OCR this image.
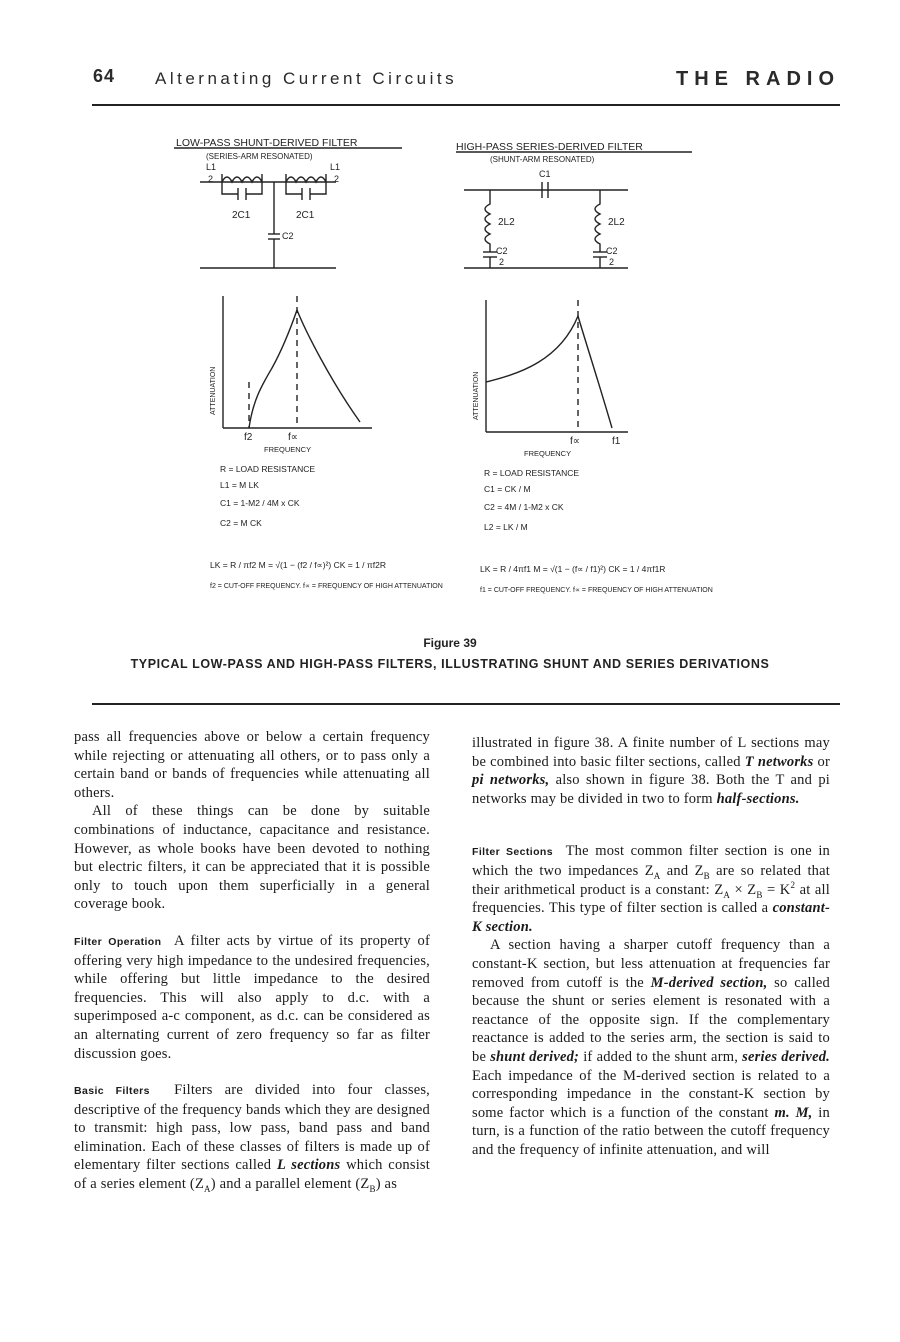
64 Alternating Current Circuits	THE RADIO
LOW-PASS SHUNT-DERIVED FILTER
(SERIES-ARM RESONATED)
L1
2
L1
2
2C1	2C1
C2
ATTENUATION
f2	f∝
FREQUENCY
R = LOAD RESISTANCE
L1 = M LK
C1 = 1-M2 / 4M x CK
C2 = M CK
LK = R / πf2 M = √(1 − (f2 / f∝)²) CK = 1 / πf2R
f2 = CUT-OFF FREQUENCY. f∝ = FREQUENCY OF HIGH ATTENUATION
HIGH-PASS SERIES-DERIVED FILTER
(SHUNT-ARM RESONATED)
C1
2L2	2L2
C2
2
C2
2
ATTENUATION
f∝	f1
FREQUENCY
R = LOAD RESISTANCE
C1 = CK / M
C2 = 4M / 1-M2 x CK
L2 = LK / M
LK = R / 4πf1 M = √(1 − (f∝ / f1)²) CK = 1 / 4πf1R
f1 = CUT-OFF FREQUENCY. f∝ = FREQUENCY OF HIGH ATTENUATION
Figure 39
TYPICAL LOW-PASS AND HIGH-PASS FILTERS, ILLUSTRATING SHUNT AND SERIES DERIVATIONS

pass all frequencies above or below a certain frequency while rejecting or attenuating all others, or to pass only a certain band or bands of frequencies while attenuating all others.

All of these things can be done by suitable combinations of inductance, capacitance and resistance. However, as whole books have been devoted to nothing but electric filters, it can be appreciated that it is possible only to touch upon them superficially in a general coverage book.

Filter Operation A filter acts by virtue of its property of offering very high impedance to the undesired frequencies, while offering but little impedance to the desired frequencies. This will also apply to d.c. with a superimposed a-c component, as d.c. can be considered as an alternating current of zero frequency so far as filter discussion goes.

Basic Filters Filters are divided into four classes, descriptive of the frequency bands which they are designed to transmit: high pass, low pass, band pass and band elimination. Each of these classes of filters is made up of elementary filter sections called L sections which consist of a series element $(Z_A)$ and a parallel element $(Z_B)$ as

illustrated in figure 38. A finite number of L sections may be combined into basic filter sections, called T networks or pi networks, also shown in figure 38. Both the T and pi networks may be divided in two to form half-sections.

Filter Sections The most common filter section is one in which the two impedances $Z_A$ and $Z_B$ are so related that their arithmetical product is a constant: $Z_A \times Z_B = K^2$ at all frequencies. This type of filter section is called a constant-K section.

A section having a sharper cutoff frequency than a constant-K section, but less attenuation at frequencies far removed from cutoff is the M-derived section, so called because the shunt or series element is resonated with a reactance of the opposite sign. If the complementary reactance is added to the series arm, the section is said to be shunt derived; if added to the shunt arm, series derived. Each impedance of the M-derived section is related to a corresponding impedance in the constant-K section by some factor which is a function of the constant m. M, in turn, is a function of the ratio between the cutoff frequency and the frequency of infinite attenuation, and will
